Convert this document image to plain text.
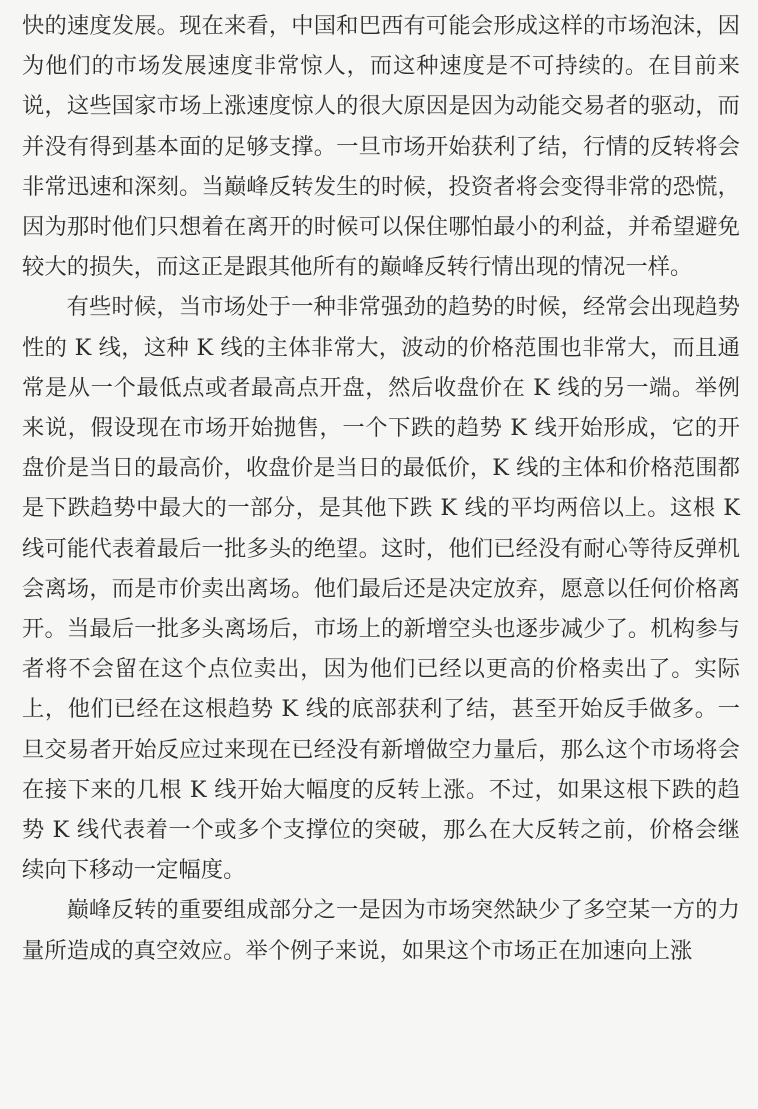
快的速度发展。现在来看，中国和巴西有可能会形成这样的市场泡沫，因为他们的市场发展速度非常惊人，而这种速度是不可持续的。在目前来说，这些国家市场上涨速度惊人的很大原因是因为动能交易者的驱动，而并没有得到基本面的足够支撑。一旦市场开始获利了结，行情的反转将会非常迅速和深刻。当巅峰反转发生的时候，投资者将会变得非常的恐慌，因为那时他们只想着在离开的时候可以保住哪怕最小的利益，并希望避免较大的损失，而这正是跟其他所有的巅峰反转行情出现的情况一样。

有些时候，当市场处于一种非常强劲的趋势的时候，经常会出现趋势性的 K 线，这种 K 线的主体非常大，波动的价格范围也非常大，而且通常是从一个最低点或者最高点开盘，然后收盘价在 K 线的另一端。举例来说，假设现在市场开始抛售，一个下跌的趋势 K 线开始形成，它的开盘价是当日的最高价，收盘价是当日的最低价，K 线的主体和价格范围都是下跌趋势中最大的一部分，是其他下跌 K 线的平均两倍以上。这根 K 线可能代表着最后一批多头的绝望。这时，他们已经没有耐心等待反弹机会离场，而是市价卖出离场。他们最后还是决定放弃，愿意以任何价格离开。当最后一批多头离场后，市场上的新增空头也逐步减少了。机构参与者将不会留在这个点位卖出，因为他们已经以更高的价格卖出了。实际上，他们已经在这根趋势 K 线的底部获利了结，甚至开始反手做多。一旦交易者开始反应过来现在已经没有新增做空力量后，那么这个市场将会在接下来的几根 K 线开始大幅度的反转上涨。不过，如果这根下跌的趋势 K 线代表着一个或多个支撑位的突破，那么在大反转之前，价格会继续向下移动一定幅度。

巅峰反转的重要组成部分之一是因为市场突然缺少了多空某一方的力量所造成的真空效应。举个例子来说，如果这个市场正在加速向上涨
